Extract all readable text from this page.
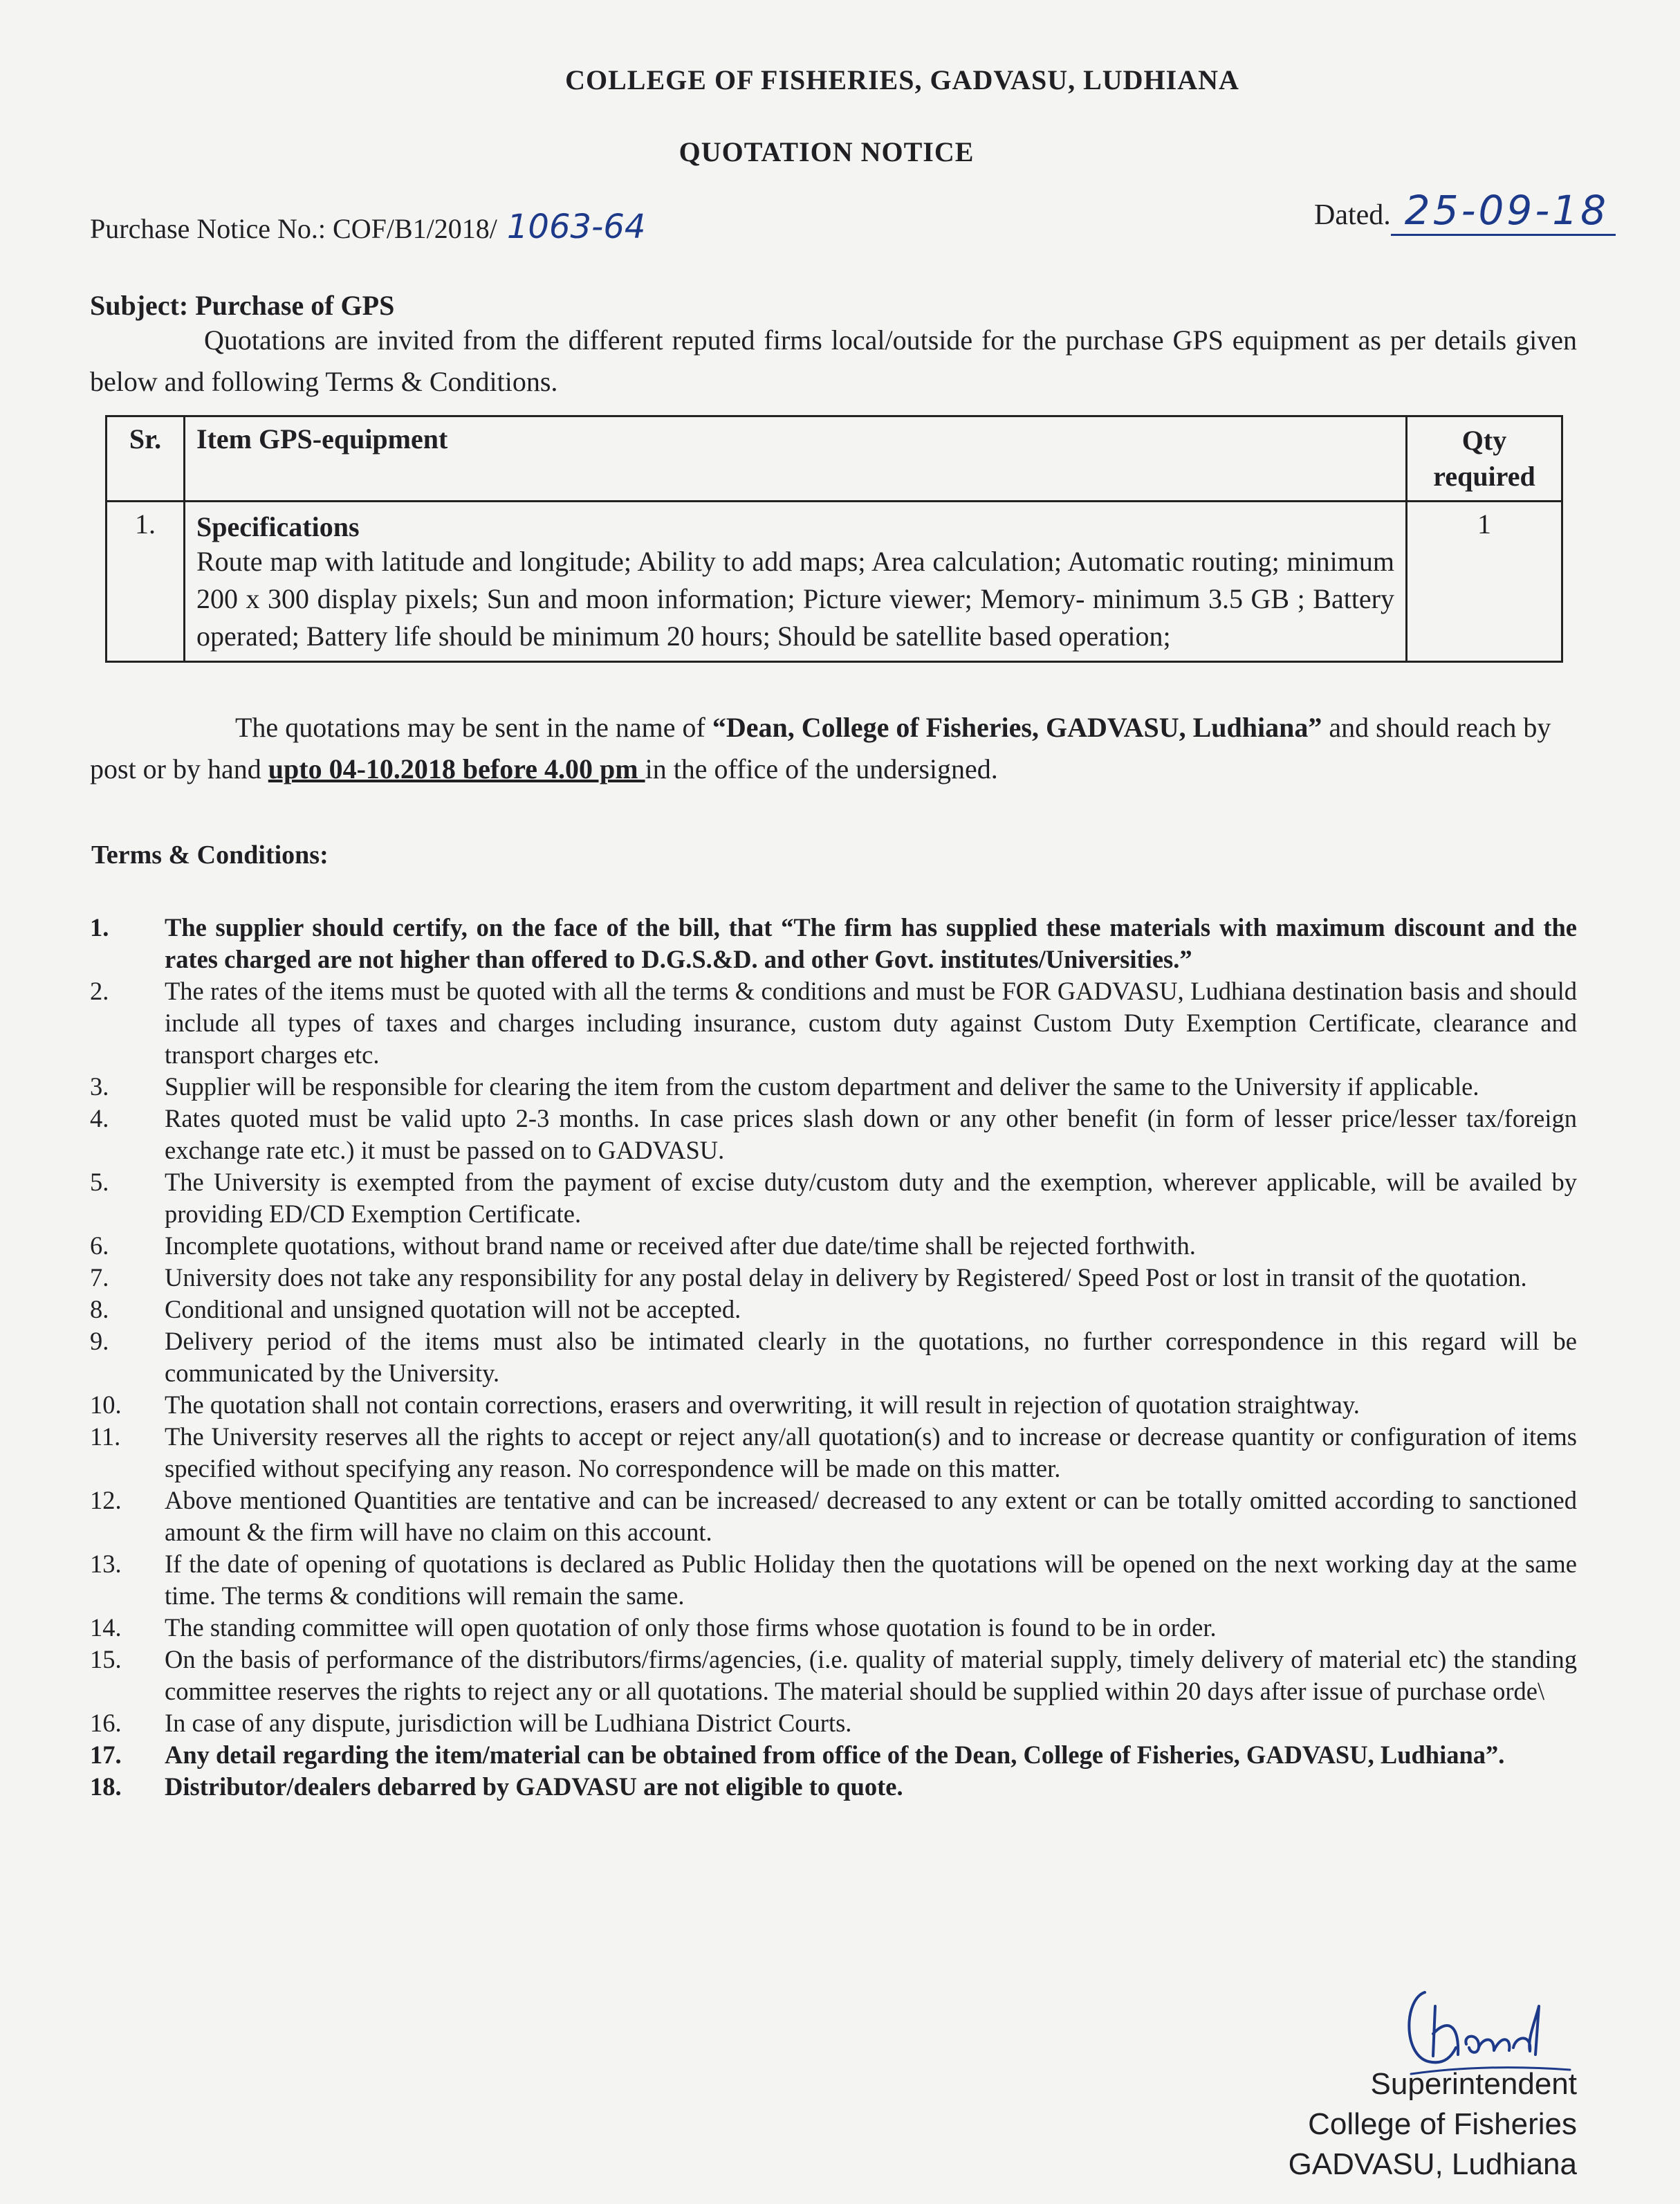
COLLEGE OF FISHERIES, GADVASU, LUDHIANA
QUOTATION NOTICE
Purchase Notice No.: COF/B1/2018/ 1063-64	Dated. 25-09-18
Subject: Purchase of GPS
Quotations are invited from the different reputed firms local/outside for the purchase GPS equipment as per details given below and following Terms & Conditions.
Sr.	Item GPS-equipment	Qty required
1.	Specifications
Route map with latitude and longitude; Ability to add maps; Area calculation; Automatic routing; minimum 200 x 300 display pixels; Sun and moon information; Picture viewer; Memory- minimum 3.5 GB ; Battery operated; Battery life should be minimum 20 hours; Should be satellite based operation;	1
The quotations may be sent in the name of “Dean, College of Fisheries, GADVASU, Ludhiana” and should reach by post or by hand upto 04-10.2018 before 4.00 pm in the office of the undersigned.
Terms & Conditions:
1.	The supplier should certify, on the face of the bill, that “The firm has supplied these materials with maximum discount and the rates charged are not higher than offered to D.G.S.&D. and other Govt. institutes/Universities.”
2.	The rates of the items must be quoted with all the terms & conditions and must be FOR GADVASU, Ludhiana destination basis and should include all types of taxes and charges including insurance, custom duty against Custom Duty Exemption Certificate, clearance and transport charges etc.
3.	Supplier will be responsible for clearing the item from the custom department and deliver the same to the University if applicable.
4.	Rates quoted must be valid upto 2-3 months. In case prices slash down or any other benefit (in form of lesser price/lesser tax/foreign exchange rate etc.) it must be passed on to GADVASU.
5.	The University is exempted from the payment of excise duty/custom duty and the exemption, wherever applicable, will be availed by providing ED/CD Exemption Certificate.
6.	Incomplete quotations, without brand name or received after due date/time shall be rejected forthwith.
7.	University does not take any responsibility for any postal delay in delivery by Registered/ Speed Post or lost in transit of the quotation.
8.	Conditional and unsigned quotation will not be accepted.
9.	Delivery period of the items must also be intimated clearly in the quotations, no further correspondence in this regard will be communicated by the University.
10.	The quotation shall not contain corrections, erasers and overwriting, it will result in rejection of quotation straightway.
11.	The University reserves all the rights to accept or reject any/all quotation(s) and to increase or decrease quantity or configuration of items specified without specifying any reason. No correspondence will be made on this matter.
12.	Above mentioned Quantities are tentative and can be increased/ decreased to any extent or can be totally omitted according to sanctioned amount & the firm will have no claim on this account.
13.	If the date of opening of quotations is declared as Public Holiday then the quotations will be opened on the next working day at the same time. The terms & conditions will remain the same.
14.	The standing committee will open quotation of only those firms whose quotation is found to be in order.
15.	On the basis of performance of the distributors/firms/agencies, (i.e. quality of material supply, timely delivery of material etc) the standing committee reserves the rights to reject any or all quotations. The material should be supplied within 20 days after issue of purchase orde\
16.	In case of any dispute, jurisdiction will be Ludhiana District Courts.
17.	Any detail regarding the item/material can be obtained from office of the Dean, College of Fisheries, GADVASU, Ludhiana”.
18.	Distributor/dealers debarred by GADVASU are not eligible to quote.
Superintendent
College of Fisheries
GADVASU, Ludhiana
